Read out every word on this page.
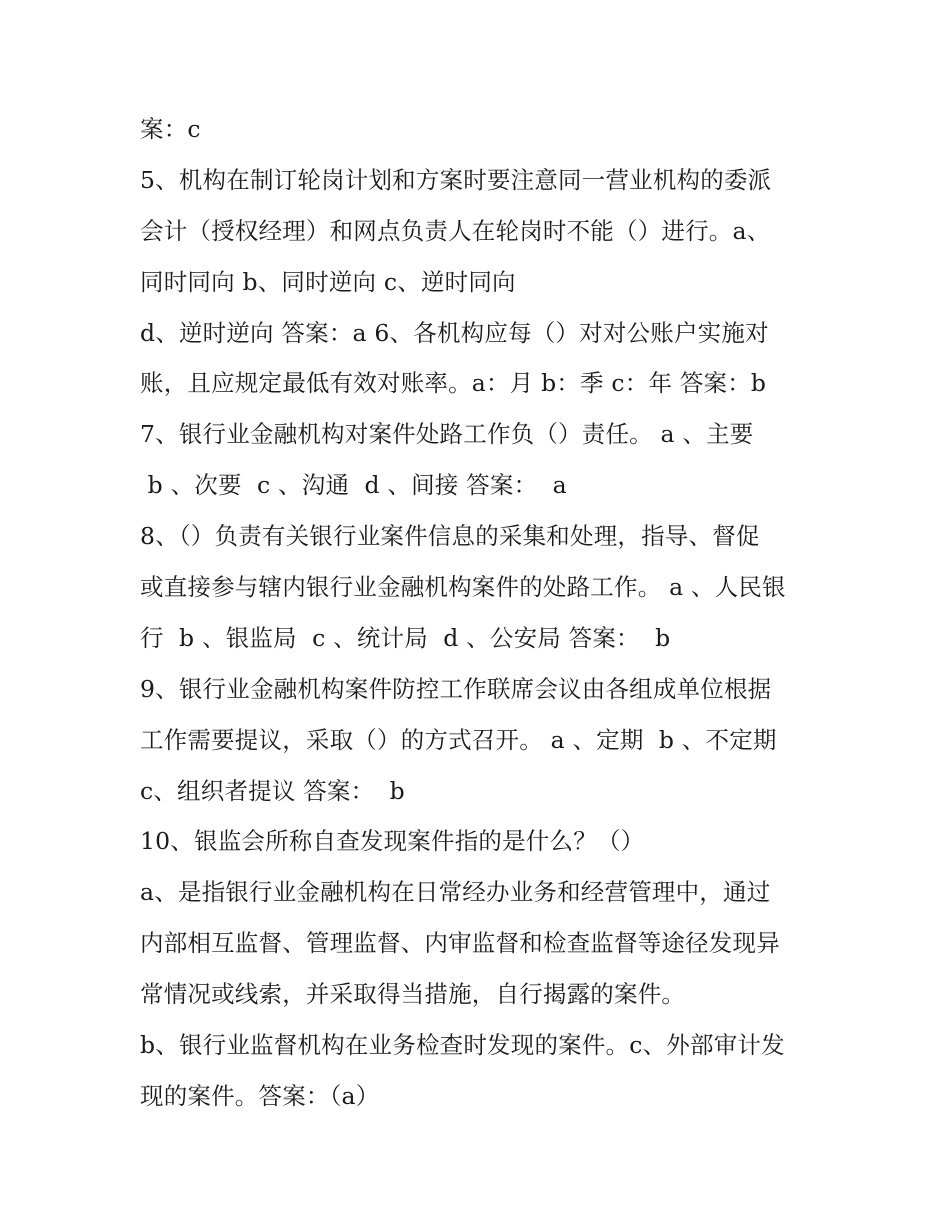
案：c
5、机构在制订轮岗计划和方案时要注意同一营业机构的委派
会计（授权经理）和网点负责人在轮岗时不能（）进行。a、
同时同向 b、同时逆向 c、逆时同向
d、逆时逆向 答案：a 6、各机构应每（）对对公账户实施对
账，且应规定最低有效对账率。a：月 b：季 c：年 答案：b
7、银行业金融机构对案件处路工作负（）责任。 a 、主要
b 、次要  c 、沟通  d 、间接 答案：  a
8、（）负责有关银行业案件信息的采集和处理，指导、督促
或直接参与辖内银行业金融机构案件的处路工作。 a 、人民银
行  b 、银监局  c 、统计局  d 、公安局 答案：  b
9、银行业金融机构案件防控工作联席会议由各组成单位根据
工作需要提议，采取（）的方式召开。 a 、定期  b 、不定期
c、组织者提议 答案：  b
10、银监会所称自查发现案件指的是什么？（）
a、是指银行业金融机构在日常经办业务和经营管理中，通过
内部相互监督、管理监督、内审监督和检查监督等途径发现异
常情况或线索，并采取得当措施，自行揭露的案件。
b、银行业监督机构在业务检查时发现的案件。c、外部审计发
现的案件。答案：（a）
